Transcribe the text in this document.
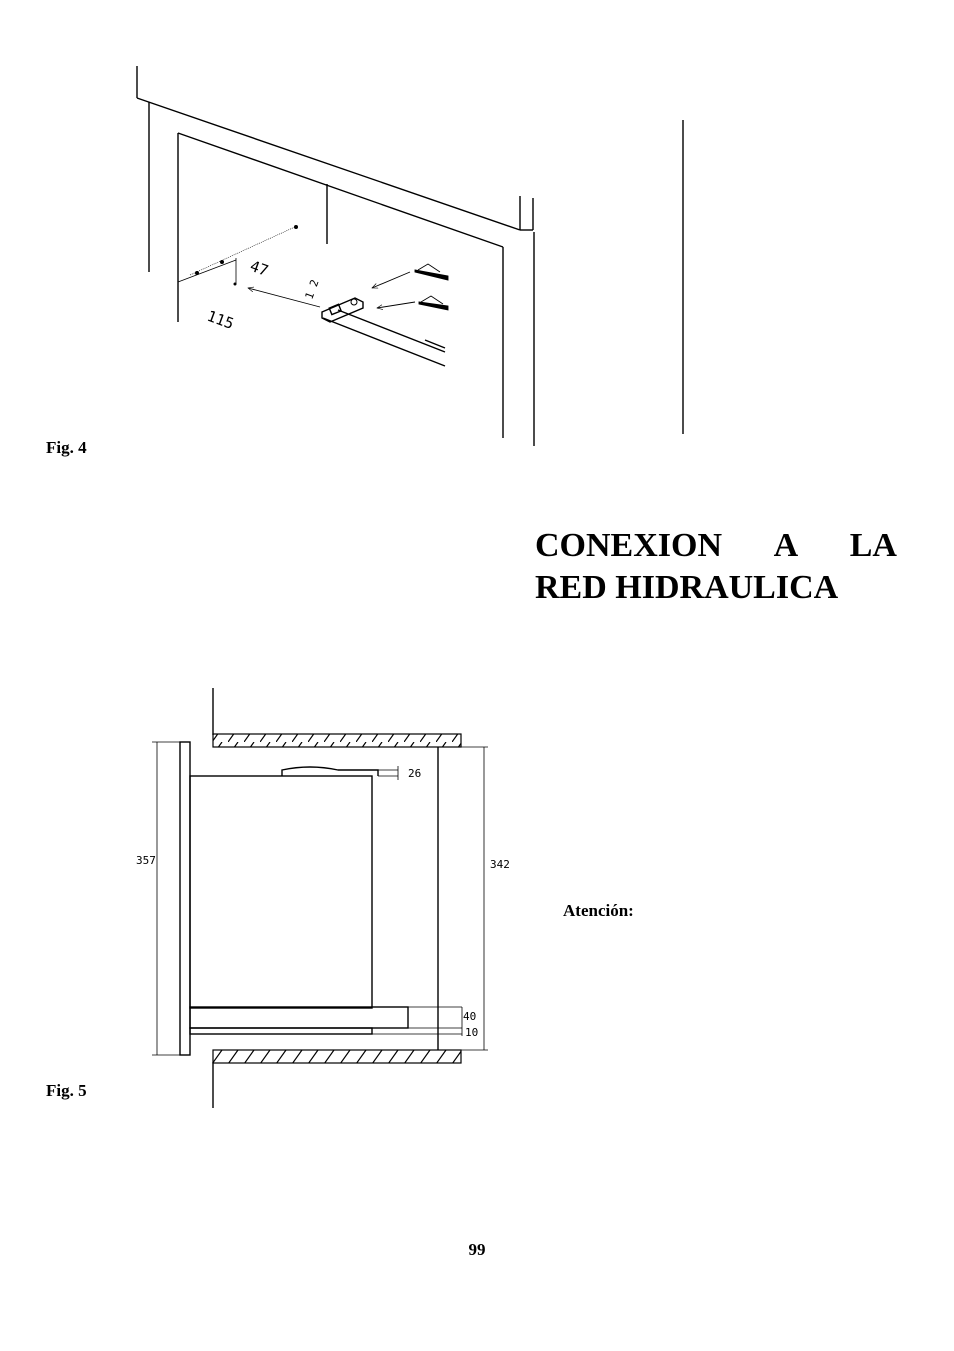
47
115
1 2
Fig. 4
CONEXION A LA
RED HIDRAULICA
357	342
26
40
10
Atención:
Fig. 5
99
